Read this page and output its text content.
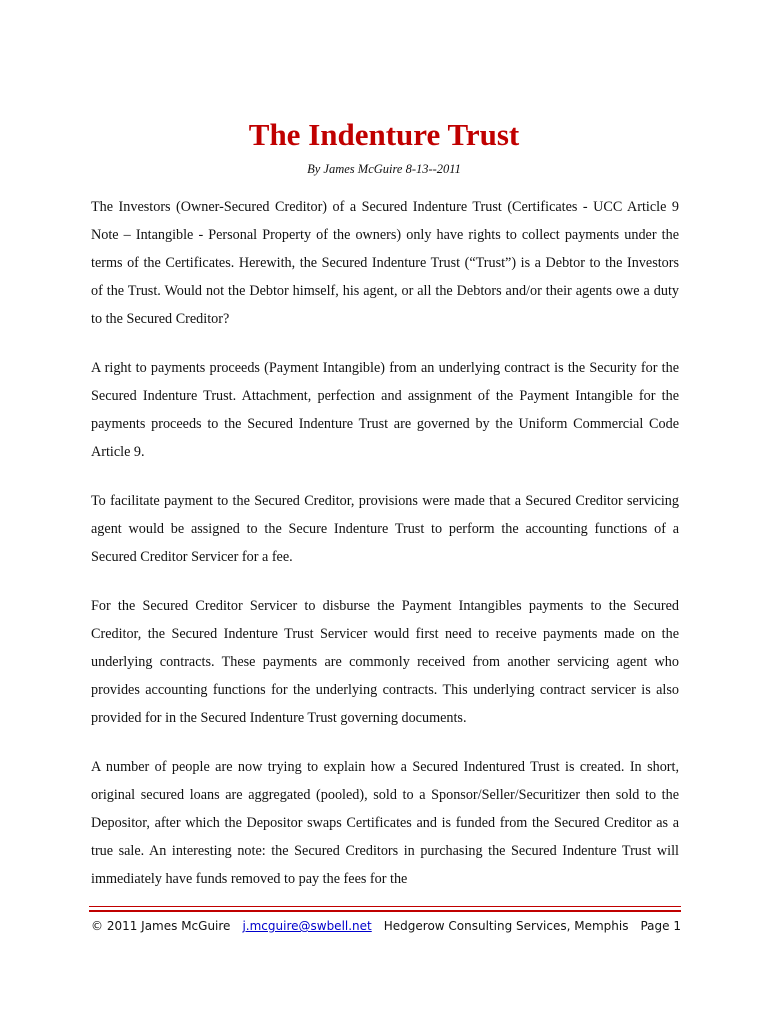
The Indenture Trust

By James McGuire 8-13--2011

The Investors (Owner-Secured Creditor) of a Secured Indenture Trust (Certificates - UCC Article 9 Note – Intangible - Personal Property of the owners) only have rights to collect payments under the terms of the Certificates. Herewith, the Secured Indenture Trust (“Trust”) is a Debtor to the Investors of the Trust. Would not the Debtor himself, his agent, or all the Debtors and/or their agents owe a duty to the Secured Creditor?

A right to payments proceeds (Payment Intangible) from an underlying contract is the Security for the Secured Indenture Trust. Attachment, perfection and assignment of the Payment Intangible for the payments proceeds to the Secured Indenture Trust are governed by the Uniform Commercial Code Article 9.

To facilitate payment to the Secured Creditor, provisions were made that a Secured Creditor servicing agent would be assigned to the Secure Indenture Trust to perform the accounting functions of a Secured Creditor Servicer for a fee.

For the Secured Creditor Servicer to disburse the Payment Intangibles payments to the Secured Creditor, the Secured Indenture Trust Servicer would first need to receive payments made on the underlying contracts. These payments are commonly received from another servicing agent who provides accounting functions for the underlying contracts. This underlying contract servicer is also provided for in the Secured Indenture Trust governing documents.

A number of people are now trying to explain how a Secured Indentured Trust is created. In short, original secured loans are aggregated (pooled), sold to a Sponsor/Seller/Securitizer then sold to the Depositor, after which the Depositor swaps Certificates and is funded from the Secured Creditor as a true sale. An interesting note: the Secured Creditors in purchasing the Secured Indenture Trust will immediately have funds removed to pay the fees for the

© 2011 James McGuire j.mcguire@swbell.net Hedgerow Consulting Services, Memphis Page 1
